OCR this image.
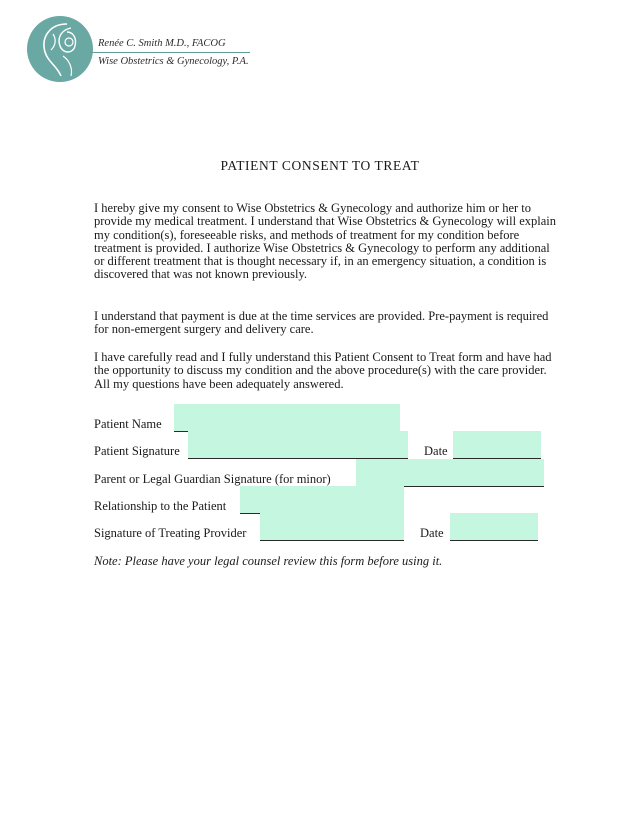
Renée C. Smith M.D., FACOG
Wise Obstetrics & Gynecology, P.A.
PATIENT CONSENT TO TREAT
I hereby give my consent to Wise Obstetrics & Gynecology and authorize him or her to provide my medical treatment. I understand that Wise Obstetrics & Gynecology will explain my condition(s), foreseeable risks, and methods of treatment for my condition before treatment is provided. I authorize Wise Obstetrics & Gynecology to perform any additional or different treatment that is thought necessary if, in an emergency situation, a condition is discovered that was not known previously.
I understand that payment is due at the time services are provided. Pre-payment is required for non-emergent surgery and delivery care.
I have carefully read and I fully understand this Patient Consent to Treat form and have had the opportunity to discuss my condition and the above procedure(s) with the care provider. All my questions have been adequately answered.
Patient Name
Patient Signature	Date
Parent or Legal Guardian Signature (for minor)
Relationship to the Patient
Signature of Treating Provider	Date
Note: Please have your legal counsel review this form before using it.
